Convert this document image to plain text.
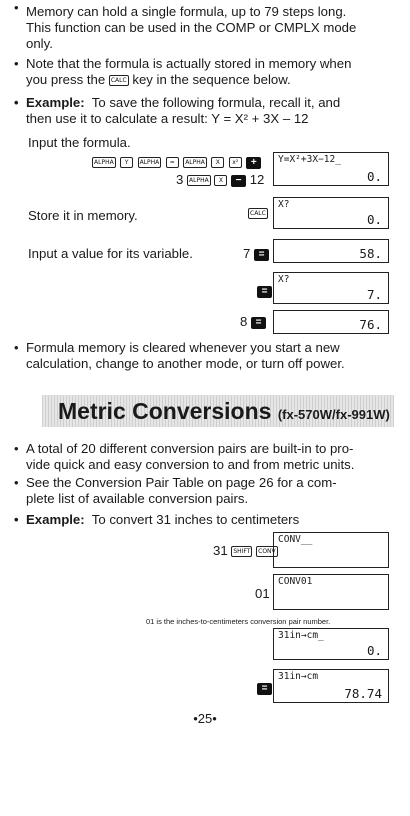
• Memory can hold a single formula, up to 79 steps long.
This function can be used in the COMP or CMPLX mode
only.
• Note that the formula is actually stored in memory when
you press the CALC key in the sequence below.
• Example: To save the following formula, recall it, and
then use it to calculate a result: Y = X² + 3X – 12
Input the formula.
ALPHA Y ALPHA = ALPHA X x² +
3 ALPHA X − 12
Y=X²+3X−12_
0.
Store it in memory.	CALC
X?
0.
Input a value for its variable.	7 =	58.
=
X?
7.
8 =	76.
• Formula memory is cleared whenever you start a new
calculation, change to another mode, or turn off power.
Metric Conversions (fx-570W/fx-991W)
• A total of 20 different conversion pairs are built-in to pro-
vide quick and easy conversion to and from metric units.
• See the Conversion Pair Table on page 26 for a com-
plete list of available conversion pairs.
• Example: To convert 31 inches to centimeters
31 SHIFT CONV
CONV__
01
CONV01
01 is the inches-to-centimeters conversion pair number.
31in→cm_
0.
=
31in→cm
78.74
•25•
